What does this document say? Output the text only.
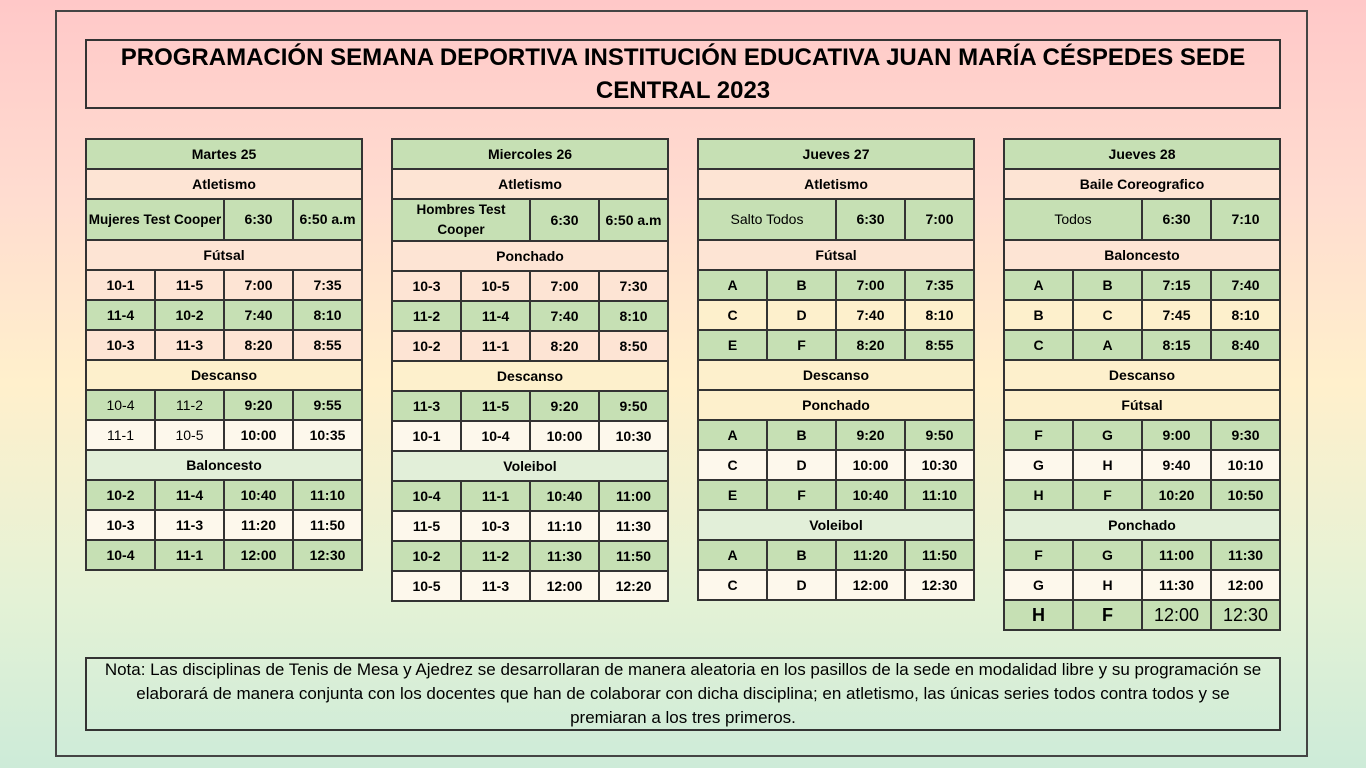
PROGRAMACIÓN SEMANA DEPORTIVA INSTITUCIÓN EDUCATIVA JUAN MARÍA CÉSPEDES SEDE CENTRAL 2023
Martes 25			
Atletismo			
Mujeres Test Cooper		6:30	6:50 a.m
Fútsal			
10-1	11-5	7:00	7:35
11-4	10-2	7:40	8:10
10-3	11-3	8:20	8:55
Descanso			
10-4	11-2	9:20	9:55
11-1	10-5	10:00	10:35
Baloncesto			
10-2	11-4	10:40	11:10
10-3	11-3	11:20	11:50
10-4	11-1	12:00	12:30
Miercoles 26			
Atletismo			
Hombres Test Cooper		6:30	6:50 a.m
Ponchado			
10-3	10-5	7:00	7:30
11-2	11-4	7:40	8:10
10-2	11-1	8:20	8:50
Descanso			
11-3	11-5	9:20	9:50
10-1	10-4	10:00	10:30
Voleibol			
10-4	11-1	10:40	11:00
11-5	10-3	11:10	11:30
10-2	11-2	11:30	11:50
10-5	11-3	12:00	12:20
Jueves 27			
Atletismo			
Salto Todos		6:30	7:00
Fútsal			
A	B	7:00	7:35
C	D	7:40	8:10
E	F	8:20	8:55
Descanso			
Ponchado			
A	B	9:20	9:50
C	D	10:00	10:30
E	F	10:40	11:10
Voleibol			
A	B	11:20	11:50
C	D	12:00	12:30
Jueves 28			
Baile Coreografico			
Todos		6:30	7:10
Baloncesto			
A	B	7:15	7:40
B	C	7:45	8:10
C	A	8:15	8:40
Descanso			
Fútsal			
F	G	9:00	9:30
G	H	9:40	10:10
H	F	10:20	10:50
Ponchado			
F	G	11:00	11:30
G	H	11:30	12:00
H	F	12:00	12:30
Nota: Las disciplinas de Tenis de Mesa y Ajedrez se desarrollaran de manera aleatoria en los pasillos de la sede en modalidad libre y su programación se elaborará de manera conjunta con los docentes que han de colaborar con dicha disciplina; en atletismo, las únicas series todos contra todos y se premiaran a los tres primeros.
